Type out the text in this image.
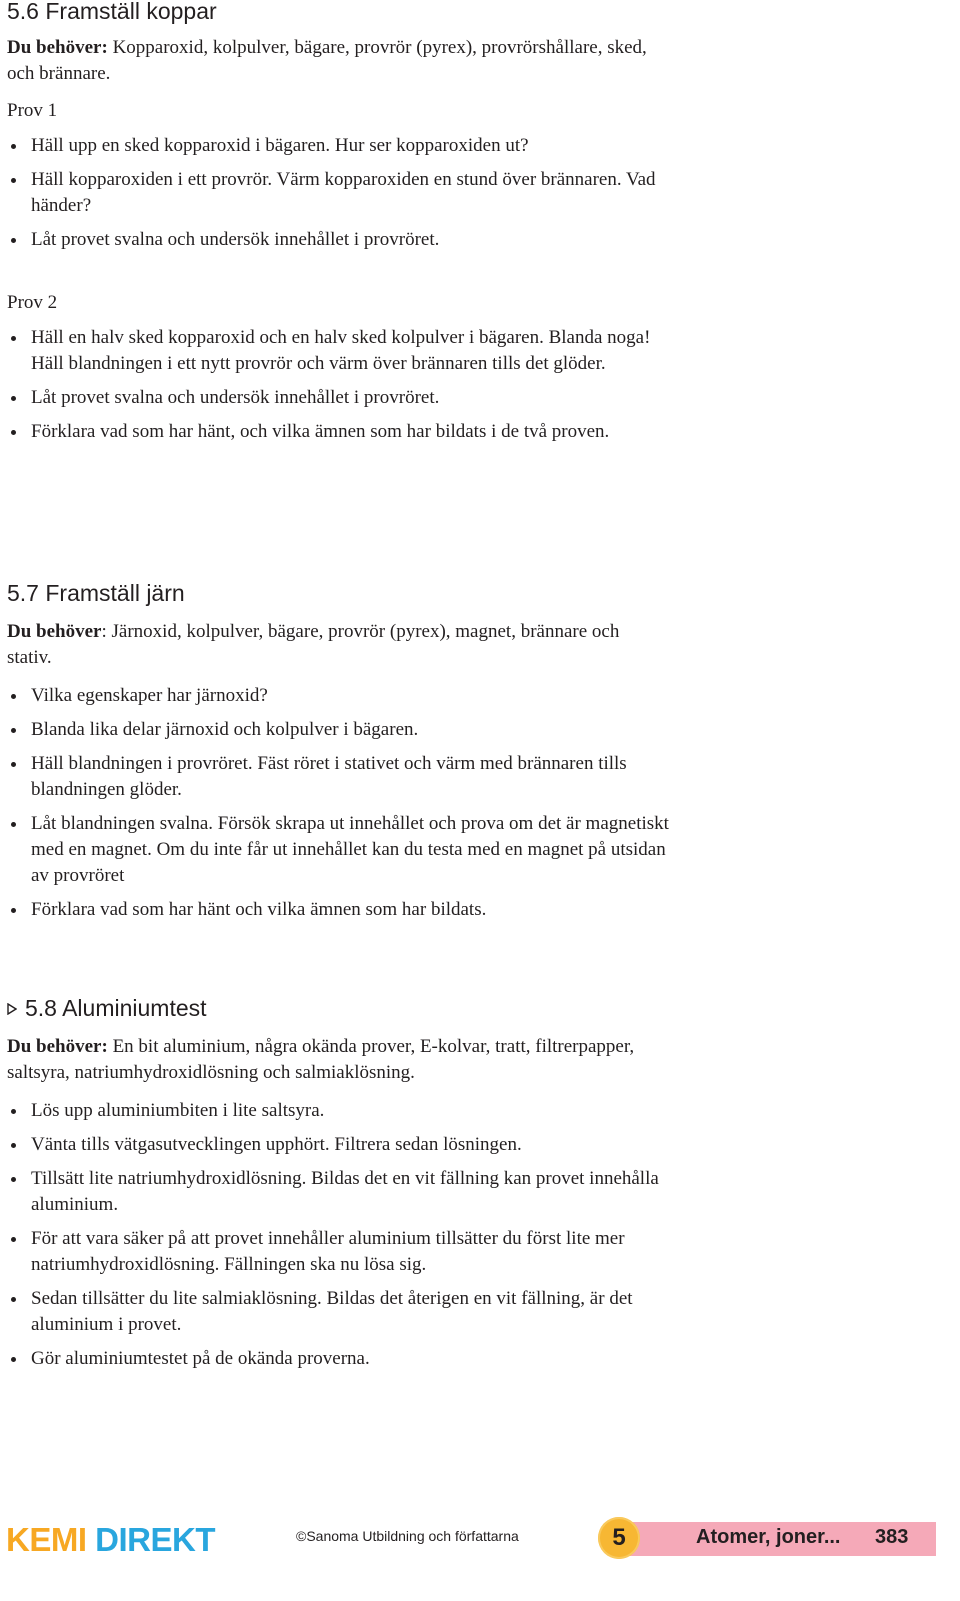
5.6 Framställ koppar

Du behöver: Kopparoxid, kolpulver, bägare, provrör (pyrex), provrörshållare, sked, och brännare.

Prov 1

Häll upp en sked kopparoxid i bägaren. Hur ser kopparoxiden ut?
Häll kopparoxiden i ett provrör. Värm kopparoxiden en stund över brännaren. Vad händer?
Låt provet svalna och undersök innehållet i provröret.

Prov 2

Häll en halv sked kopparoxid och en halv sked kolpulver i bägaren. Blanda noga! Häll blandningen i ett nytt provrör och värm över brännaren tills det glöder.
Låt provet svalna och undersök innehållet i provröret.
Förklara vad som har hänt, och vilka ämnen som har bildats i de två proven.
5.7 Framställ järn

Du behöver: Järnoxid, kolpulver, bägare, provrör (pyrex), magnet, brännare och stativ.

Vilka egenskaper har järnoxid?
Blanda lika delar järnoxid och kolpulver i bägaren.
Häll blandningen i provröret. Fäst röret i stativet och värm med brännaren tills blandningen glöder.
Låt blandningen svalna. Försök skrapa ut innehållet och prova om det är magnetiskt med en magnet. Om du inte får ut innehållet kan du testa med en magnet på utsidan av provröret
Förklara vad som har hänt och vilka ämnen som har bildats.
5.8 Aluminiumtest

Du behöver: En bit aluminium, några okända prover, E-kolvar, tratt, filtrerpapper, saltsyra, natriumhydroxidlösning och salmiaklösning.

Lös upp aluminiumbiten i lite saltsyra.
Vänta tills vätgasutvecklingen upphört. Filtrera sedan lösningen.
Tillsätt lite natriumhydroxidlösning. Bildas det en vit fällning kan provet innehålla aluminium.
För att vara säker på att provet innehåller aluminium tillsätter du först lite mer natriumhydroxidlösning. Fällningen ska nu lösa sig.
Sedan tillsätter du lite salmiaklösning. Bildas det återigen en vit fällning, är det aluminium i provet.
Gör aluminiumtestet på de okända proverna.
KEMI DIREKT	©Sanoma Utbildning och författarna	5	Atomer, joner... 383
